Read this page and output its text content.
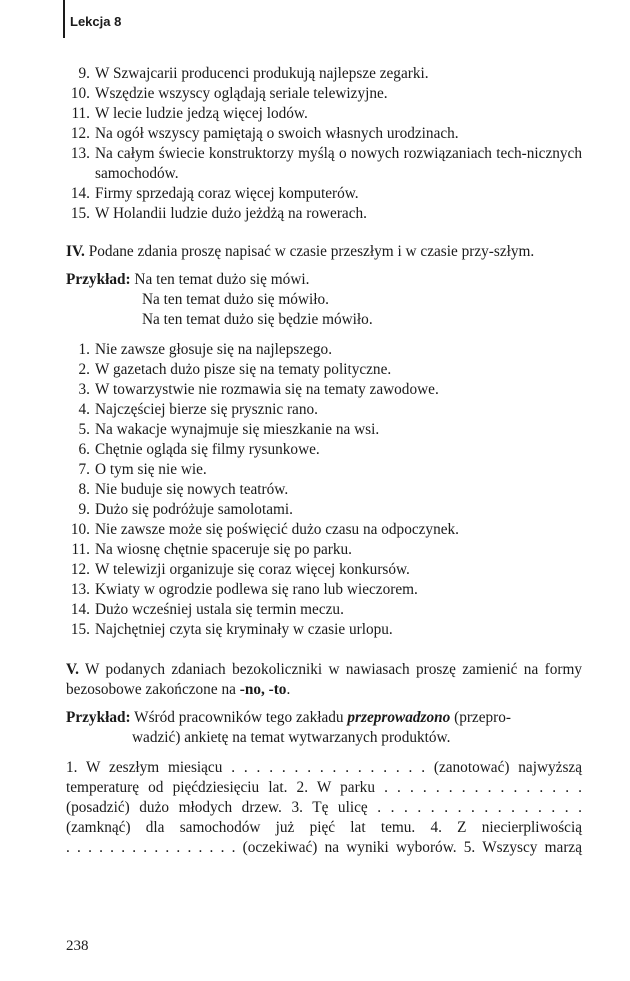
Lekcja 8
9. W Szwajcarii producenci produkują najlepsze zegarki.
10. Wszędzie wszyscy oglądają seriale telewizyjne.
11. W lecie ludzie jedzą więcej lodów.
12. Na ogół wszyscy pamiętają o swoich własnych urodzinach.
13. Na całym świecie konstruktorzy myślą o nowych rozwiązaniach tech-nicznych samochodów.
14. Firmy sprzedają coraz więcej komputerów.
15. W Holandii ludzie dużo jeżdżą na rowerach.
IV. Podane zdania proszę napisać w czasie przeszłym i w czasie przy-szłym.
Przykład: Na ten temat dużo się mówi.
Na ten temat dużo się mówiło.
Na ten temat dużo się będzie mówiło.
1. Nie zawsze głosuje się na najlepszego.
2. W gazetach dużo pisze się na tematy polityczne.
3. W towarzystwie nie rozmawia się na tematy zawodowe.
4. Najczęściej bierze się prysznic rano.
5. Na wakacje wynajmuje się mieszkanie na wsi.
6. Chętnie ogląda się filmy rysunkowe.
7. O tym się nie wie.
8. Nie buduje się nowych teatrów.
9. Dużo się podróżuje samolotami.
10. Nie zawsze może się poświęcić dużo czasu na odpoczynek.
11. Na wiosnę chętnie spaceruje się po parku.
12. W telewizji organizuje się coraz więcej konkursów.
13. Kwiaty w ogrodzie podlewa się rano lub wieczorem.
14. Dużo wcześniej ustala się termin meczu.
15. Najchętniej czyta się kryminały w czasie urlopu.
V. W podanych zdaniach bezokoliczniki w nawiasach proszę zamienić na formy bezosobowe zakończone na -no, -to.
Przykład: Wśród pracowników tego zakładu przeprowadzono (przepro-
wadzić) ankietę na temat wytwarzanych produktów.
1. W zeszłym miesiącu . . . . . . . . . . . . . . . . (zanotować) najwyższą
temperaturę od pięćdziesięciu lat. 2. W parku . . . . . . . . . . . . . . . .
(posadzić) dużo młodych drzew. 3. Tę ulicę . . . . . . . . . . . . . . . .
(zamknąć) dla samochodów już pięć lat temu. 4. Z niecierpliwością
. . . . . . . . . . . . . . . . (oczekiwać) na wyniki wyborów. 5. Wszyscy marzą
238
